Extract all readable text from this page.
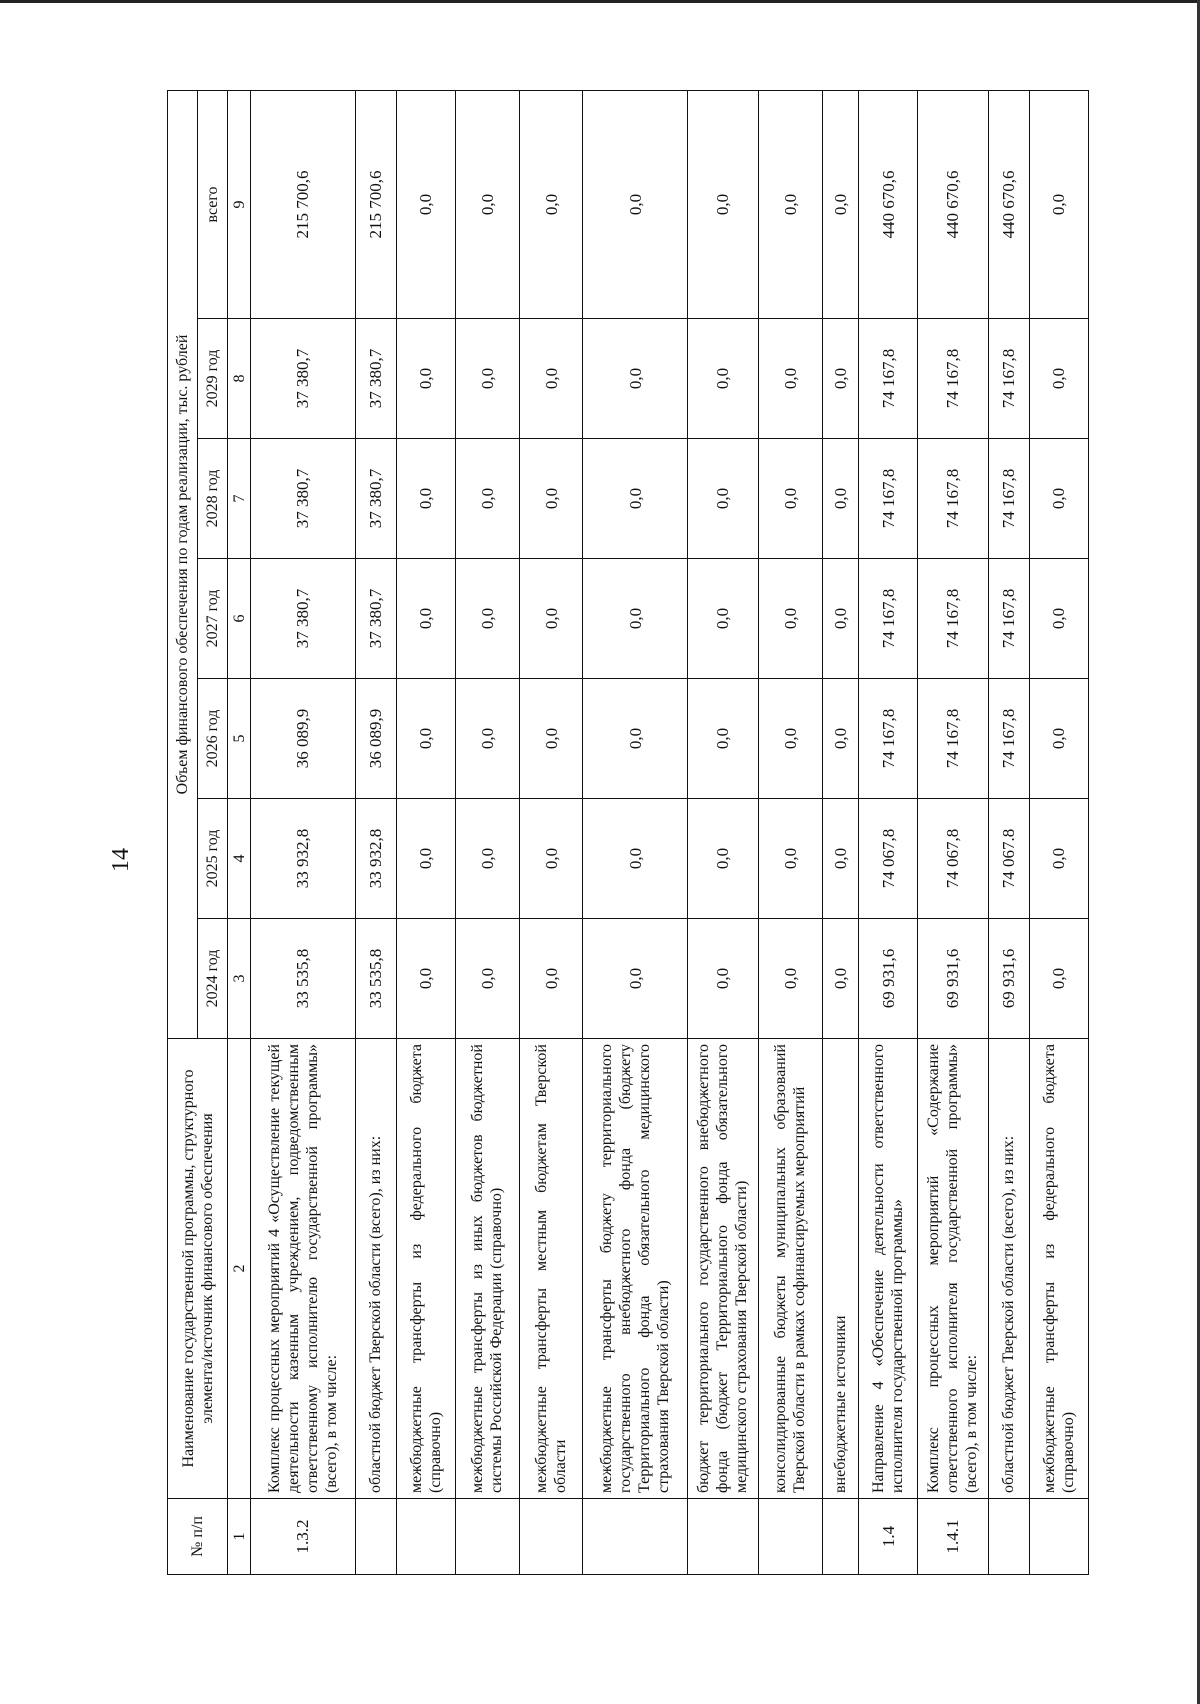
14
№ п/п	Наименование государственной программы, структурного элемента/источник финансового обеспечения	Объем финансового обеспечения по годам реализации, тыс. рублей						
		2024 год	2025 год	2026 год	2027 год	2028 год	2029 год	всего
1	2	3	4	5	6	7	8	9
1.3.2	Комплекс процессных мероприятий 4 «Осуществление текущей деятельности казенным учреждением, подведомственным ответственному исполнителю государственной программы» (всего), в том числе:	33 535,8	33 932,8	36 089,9	37 380,7	37 380,7	37 380,7	215 700,6
	областной бюджет Тверской области (всего), из них:	33 535,8	33 932,8	36 089,9	37 380,7	37 380,7	37 380,7	215 700,6
	межбюджетные трансферты из федерального бюджета (справочно)	0,0	0,0	0,0	0,0	0,0	0,0	0,0
	межбюджетные трансферты из иных бюджетов бюджетной системы Российской Федерации (справочно)	0,0	0,0	0,0	0,0	0,0	0,0	0,0
	межбюджетные трансферты местным бюджетам Тверской области	0,0	0,0	0,0	0,0	0,0	0,0	0,0
	межбюджетные трансферты бюджету территориального государственного внебюджетного фонда (бюджету Территориального фонда обязательного медицинского страхования Тверской области)	0,0	0,0	0,0	0,0	0,0	0,0	0,0
	бюджет территориального государственного внебюджетного фонда (бюджет Территориального фонда обязательного медицинского страхования Тверской области)	0,0	0,0	0,0	0,0	0,0	0,0	0,0
	консолидированные бюджеты муниципальных образований Тверской области в рамках софинансируемых мероприятий	0,0	0,0	0,0	0,0	0,0	0,0	0,0
	внебюджетные источники	0,0	0,0	0,0	0,0	0,0	0,0	0,0
1.4	Направление 4 «Обеспечение деятельности ответственного исполнителя государственной программы»	69 931,6	74 067,8	74 167,8	74 167,8	74 167,8	74 167,8	440 670,6
1.4.1	Комплекс процессных мероприятий «Содержание ответственного исполнителя государственной программы» (всего), в том числе:	69 931,6	74 067,8	74 167,8	74 167,8	74 167,8	74 167,8	440 670,6
	областной бюджет Тверской области (всего), из них:	69 931,6	74 067.8	74 167,8	74 167,8	74 167,8	74 167,8	440 670,6
	межбюджетные трансферты из федерального бюджета (справочно)	0,0	0,0	0,0	0,0	0,0	0,0	0,0
